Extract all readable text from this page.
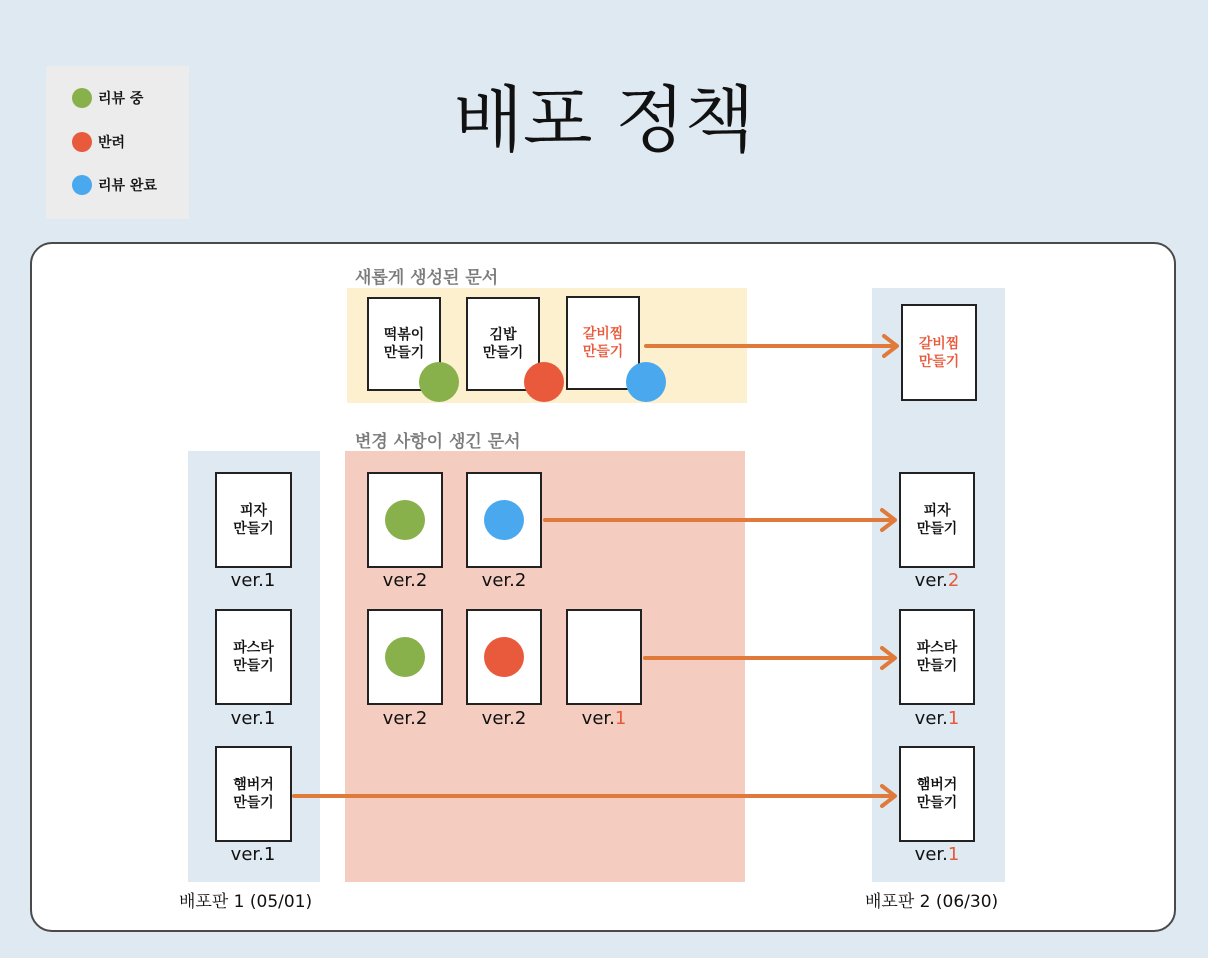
리뷰 중
반려
리뷰 완료
배포 정책
새롭게 생성된 문서
변경 사항이 생긴 문서
떡볶이
만들기
김밥
만들기
갈비찜
만들기
갈비찜
만들기
피자
만들기
ver.1
파스타
만들기
ver.1
햄버거
만들기
ver.1
ver.2	ver.2
ver.2	ver.2	ver.1
피자
만들기
ver.2
파스타
만들기
ver.1
햄버거
만들기
ver.1
배포판 1 (05/01)	배포판 2 (06/30)
